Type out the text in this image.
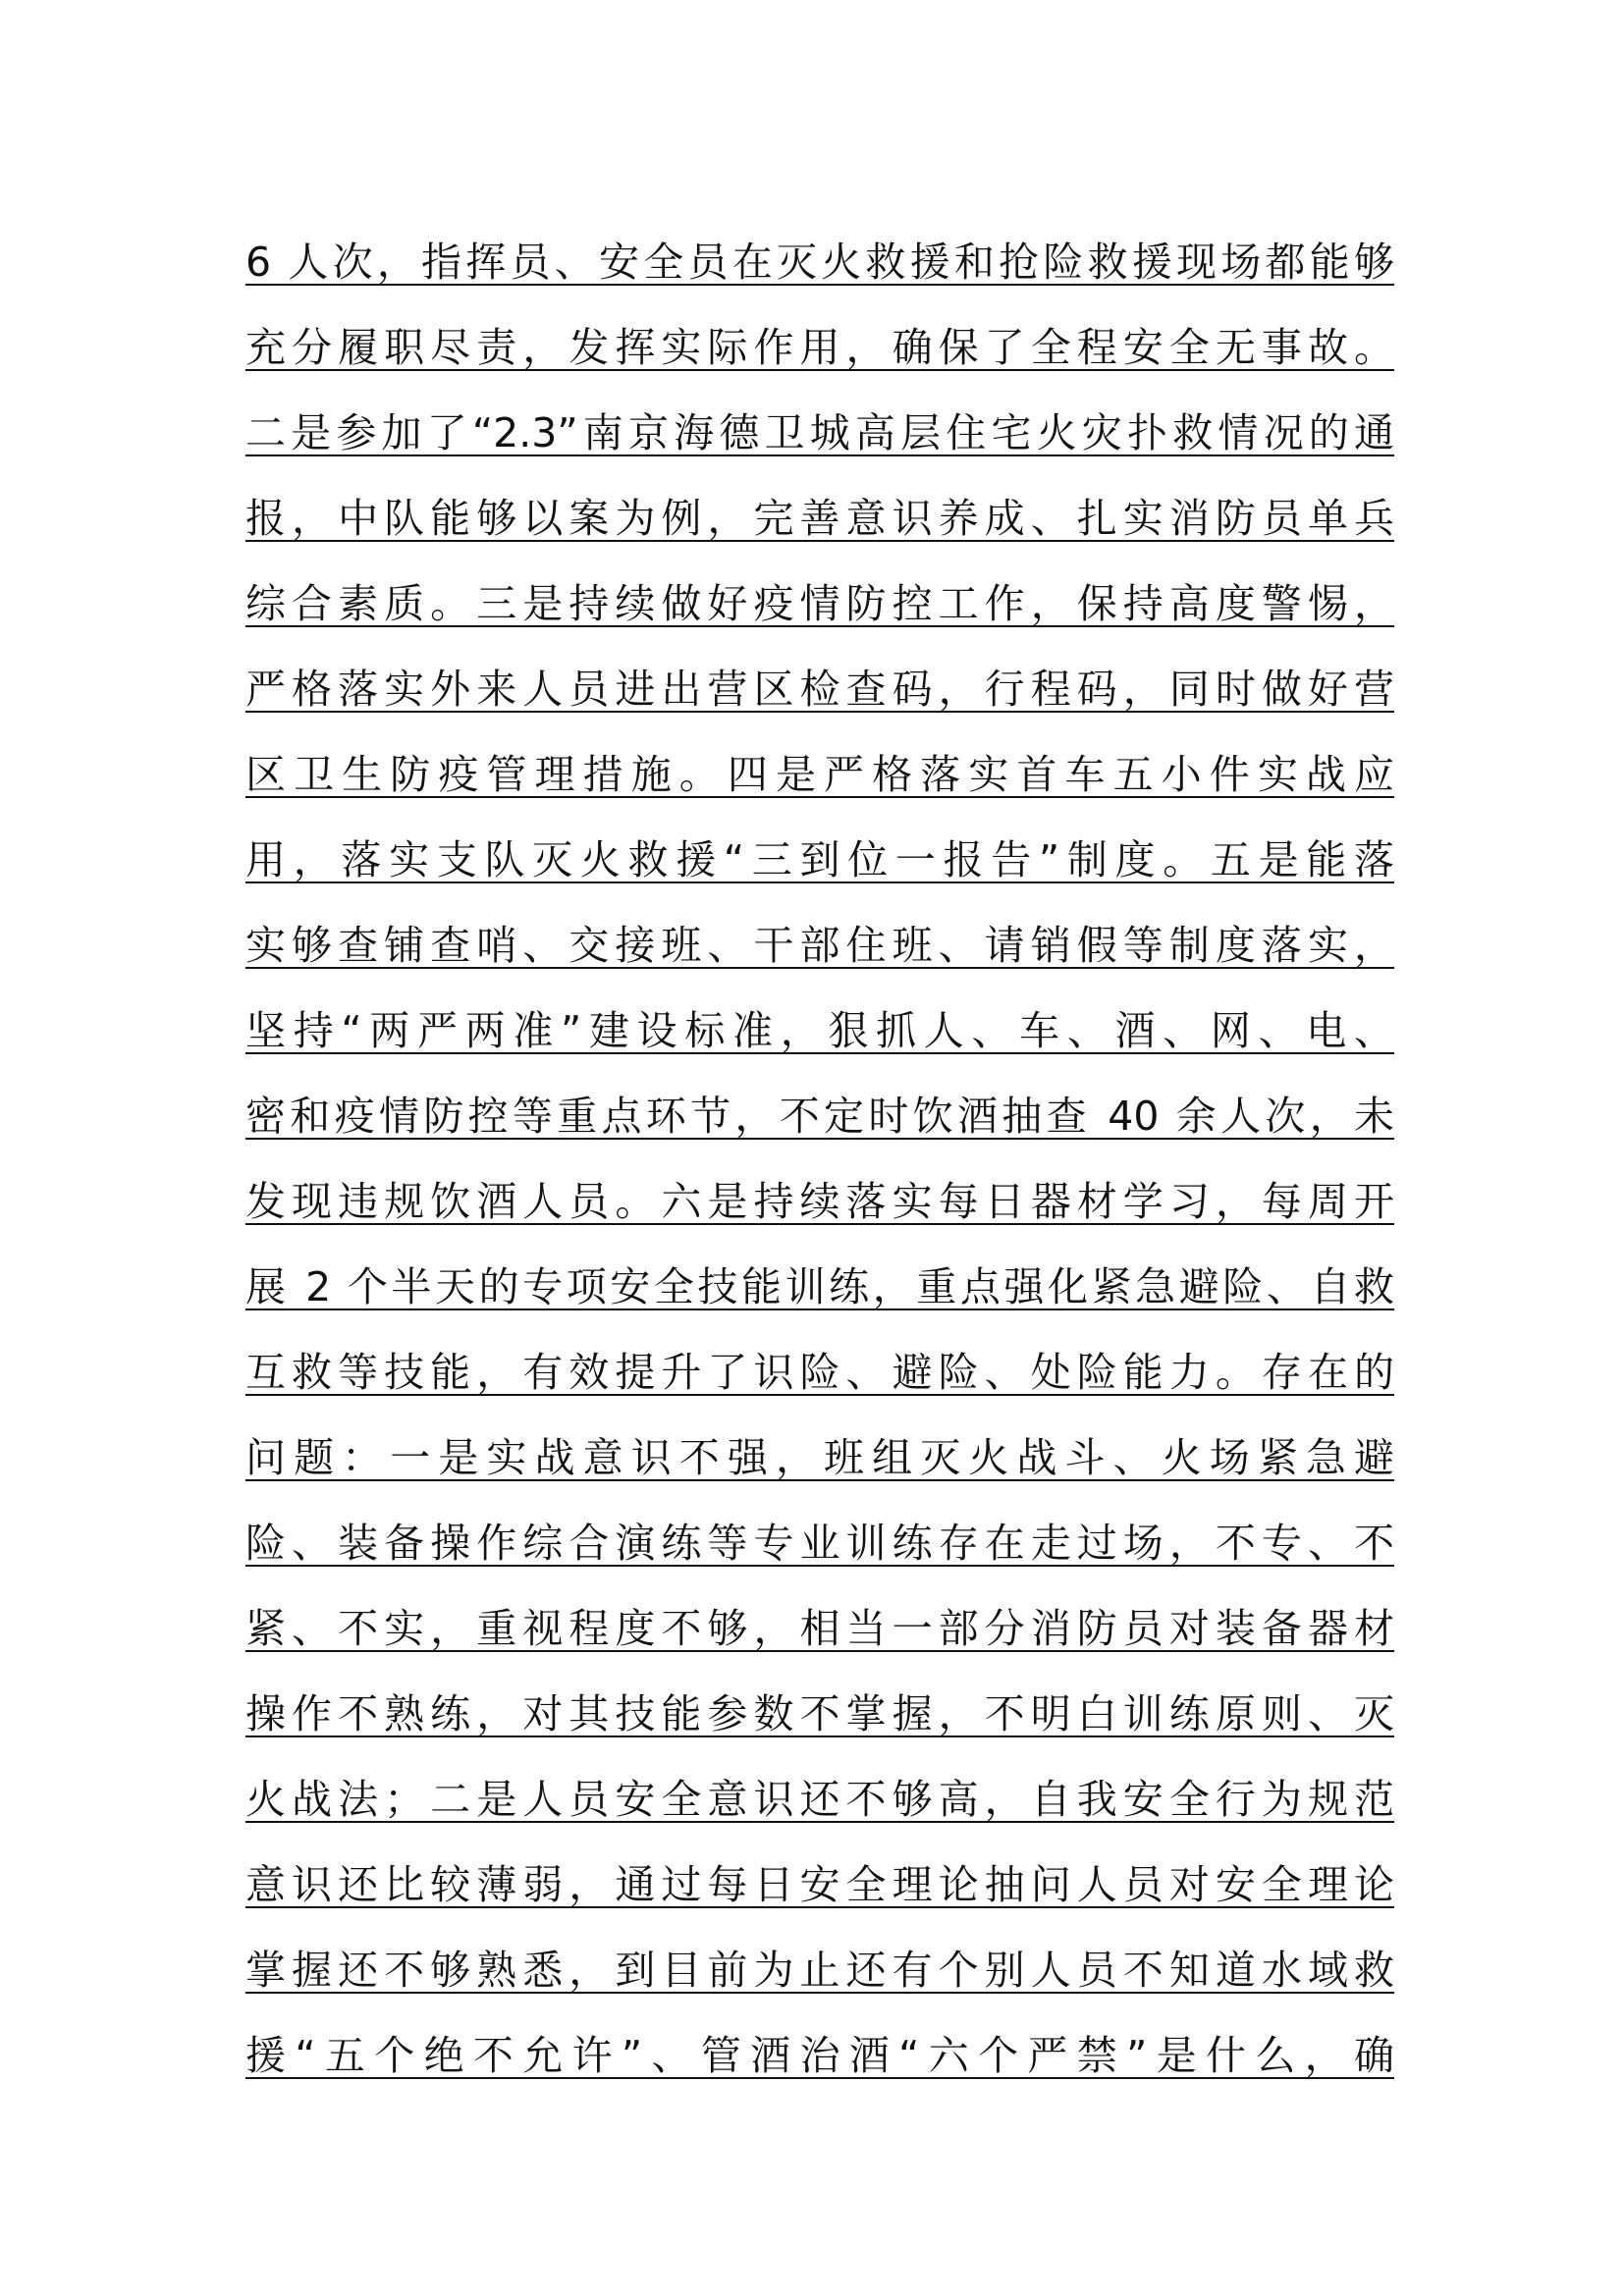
6 人次，指挥员、安全员在灭火救援和抢险救援现场都能够
充分履职尽责，发挥实际作用，确保了全程安全无事故。
二是参加了“2.3”南京海德卫城高层住宅火灾扑救情况的通
报，中队能够以案为例，完善意识养成、扎实消防员单兵
综合素质。三是持续做好疫情防控工作，保持高度警惕，
严格落实外来人员进出营区检查码，行程码，同时做好营
区卫生防疫管理措施。四是严格落实首车五小件实战应
用，落实支队灭火救援“三到位一报告”制度。五是能落
实够查铺查哨、交接班、干部住班、请销假等制度落实，
坚持“两严两准”建设标准，狠抓人、车、酒、网、电、
密和疫情防控等重点环节，不定时饮酒抽查 40 余人次，未
发现违规饮酒人员。六是持续落实每日器材学习，每周开
展 2 个半天的专项安全技能训练，重点强化紧急避险、自救
互救等技能，有效提升了识险、避险、处险能力。存在的
问题：一是实战意识不强，班组灭火战斗、火场紧急避
险、装备操作综合演练等专业训练存在走过场，不专、不
紧、不实，重视程度不够，相当一部分消防员对装备器材
操作不熟练，对其技能参数不掌握，不明白训练原则、灭
火战法；二是人员安全意识还不够高，自我安全行为规范
意识还比较薄弱，通过每日安全理论抽问人员对安全理论
掌握还不够熟悉，到目前为止还有个别人员不知道水域救
援“五个绝不允许”、管酒治酒“六个严禁”是什么，确
